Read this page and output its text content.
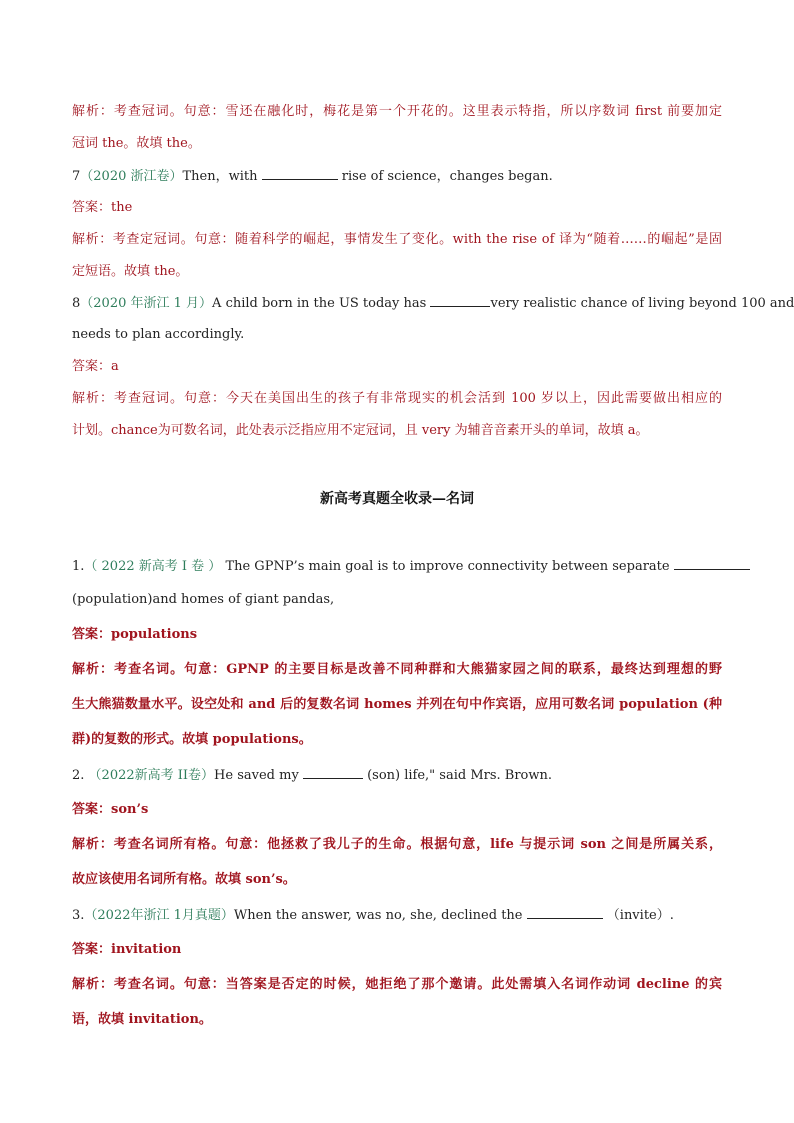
解析：考查冠词。句意：雪还在融化时，梅花是第一个开花的。这里表示特指，所以序数词 first 前要加定
冠词 the。故填 the。
7（2020 浙江卷）Then，with	rise of science，changes began.
答案：the
解析：考查定冠词。句意：随着科学的崛起，事情发生了变化。with the rise of 译为“随着……的崛起”是固
定短语。故填 the。
8（2020 年浙江 1 月）A child born in the US today has	very realistic chance of living beyond 100 and
needs to plan accordingly.
答案：a
解析：考查冠词。句意：今天在美国出生的孩子有非常现实的机会活到 100 岁以上，因此需要做出相应的
计划。chance为可数名词，此处表示泛指应用不定冠词，且 very 为辅音音素开头的单词，故填 a。
新高考真题全收录—名词
1.（ 2022 新高考 Ⅰ 卷 ） The GPNP’s main goal is to improve connectivity between separate
(population)and homes of giant pandas,
答案：populations
解析：考查名词。句意：GPNP 的主要目标是改善不同种群和大熊猫家园之间的联系，最终达到理想的野
生大熊猫数量水平。设空处和 and 后的复数名词 homes 并列在句中作宾语，应用可数名词 population (种
群)的复数的形式。故填 populations。
2. （2022新高考 II卷）He saved my	(son) life," said Mrs. Brown.
答案：son’s
解析：考查名词所有格。句意：他拯救了我儿子的生命。根据句意，life 与提示词 son 之间是所属关系，
故应该使用名词所有格。故填 son’s。
3.（2022年浙江 1月真题）When the answer, was no, she, declined the	（invite）.
答案：invitation
解析：考查名词。句意：当答案是否定的时候，她拒绝了那个邀请。此处需填入名词作动词 decline 的宾
语，故填 invitation。
